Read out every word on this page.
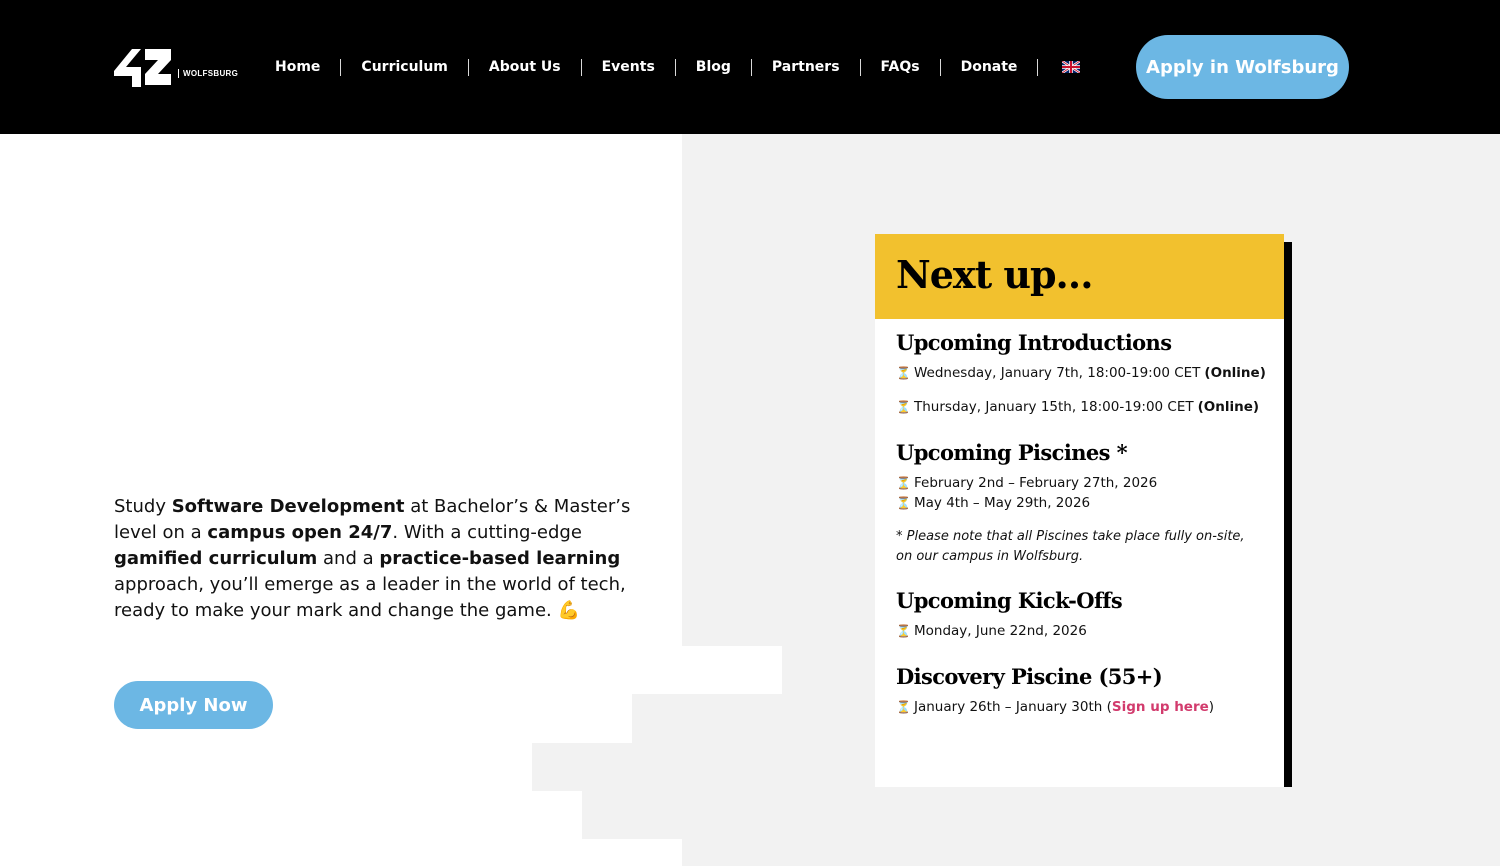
WOLFSBURG	Home	Curriculum	About Us	Events	Blog	Partners	FAQs	Donate	Apply in Wolfsburg

Study Software Development at Bachelor’s & Master’s level on a campus open 24/7. With a cutting-edge gamified curriculum and a practice-based learning approach, you’ll emerge as a leader in the world of tech, ready to make your mark and change the game. 💪

Apply Now
Next up…
Upcoming Introductions
⏳ Wednesday, January 7th, 18:00-19:00 CET (Online)
⏳ Thursday, January 15th, 18:00-19:00 CET (Online)
Upcoming Piscines *
⏳ February 2nd – February 27th, 2026
⏳ May 4th – May 29th, 2026

* Please note that all Piscines take place fully on-site, on our campus in Wolfsburg.

Upcoming Kick-Offs
⏳ Monday, June 22nd, 2026
Discovery Piscine (55+)
⏳ January 26th – January 30th ( Sign up here )
